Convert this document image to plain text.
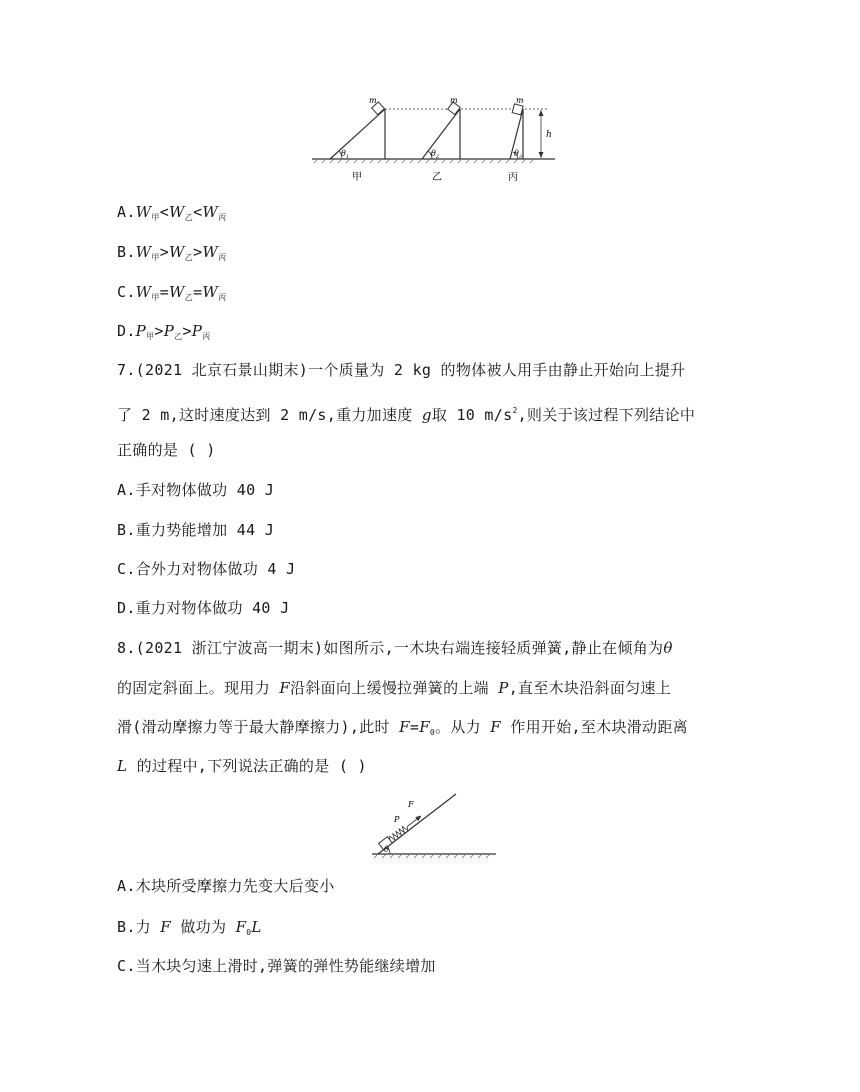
m	m	m
h
$\theta_1$	$\theta_2$	$\theta_3$
甲	乙	丙
$A.W_甲<W_乙<W_丙$
$B.W_甲>W_乙>W_丙$
$C.W_甲=W_乙=W_丙$
$D.P_甲>P_乙>P_丙$
7.(2021 北京石景山期末)一个质量为 2 kg 的物体被人用手由静止开始向上提升
了 2 m,这时速度达到 2 m/s,重力加速度 g取 10 $m/s^2$,则关于该过程下列结论中
正确的是 ( )
A.手对物体做功 40 J
B.重力势能增加 44 J
C.合外力对物体做功 4 J
D.重力对物体做功 40 J
8.(2021 浙江宁波高一期末)如图所示,一木块右端连接轻质弹簧,静止在倾角为θ
的固定斜面上。现用力 F沿斜面向上缓慢拉弹簧的上端 P,直至木块沿斜面匀速上
滑(滑动摩擦力等于最大静摩擦力),此时 $F=F_0$。从力 F 作用开始,至木块滑动距离
L 的过程中,下列说法正确的是 ( )
P
F
θ
A.木块所受摩擦力先变大后变小
B.力 F 做功为 $F_0L$
C.当木块匀速上滑时,弹簧的弹性势能继续增加
